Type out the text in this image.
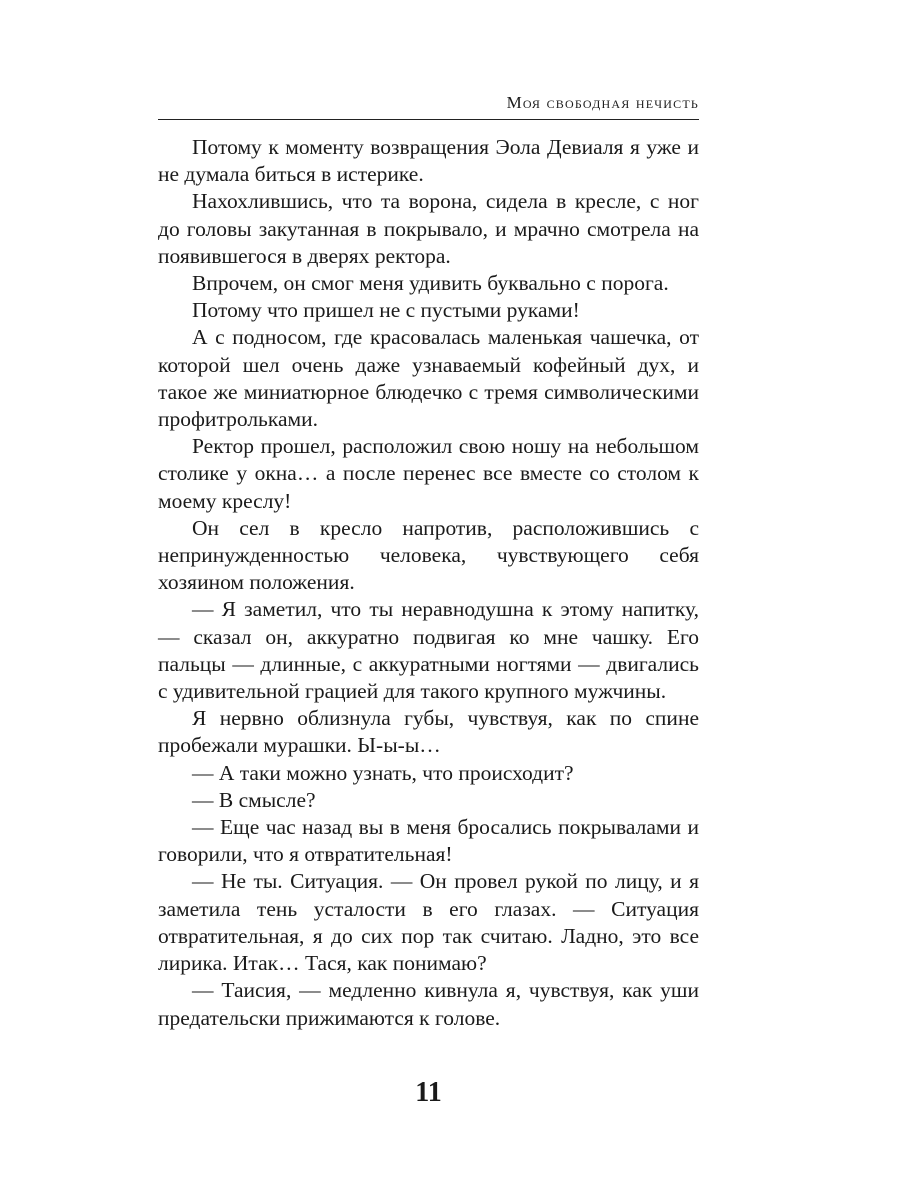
Моя свободная нечисть

Потому к моменту возвращения Эола Девиаля я уже и не думала биться в истерике.

Нахохлившись, что та ворона, сидела в кресле, с ног до головы закутанная в покрывало, и мрачно смотрела на появившегося в дверях ректора.

Впрочем, он смог меня удивить буквально с порога.

Потому что пришел не с пустыми руками!

А с подносом, где красовалась маленькая чашечка, от которой шел очень даже узнаваемый кофейный дух, и такое же миниатюрное блюдечко с тремя символическими профитрольками.

Ректор прошел, расположил свою ношу на небольшом столике у окна… а после перенес все вместе со столом к моему креслу!

Он сел в кресло напротив, расположившись с непринужденностью человека, чувствующего себя хозяином положения.

— Я заметил, что ты неравнодушна к этому напитку, — сказал он, аккуратно подвигая ко мне чашку. Его пальцы — длинные, с аккуратными ногтями — двигались с удивительной грацией для такого крупного мужчины.

Я нервно облизнула губы, чувствуя, как по спине пробежали мурашки. Ы-ы-ы…

— А таки можно узнать, что происходит?

— В смысле?

— Еще час назад вы в меня бросались покрывалами и говорили, что я отвратительная!

— Не ты. Ситуация. — Он провел рукой по лицу, и я заметила тень усталости в его глазах. — Ситуация отвратительная, я до сих пор так считаю. Ладно, это все лирика. Итак… Тася, как понимаю?

— Таисия, — медленно кивнула я, чувствуя, как уши предательски прижимаются к голове.

11
